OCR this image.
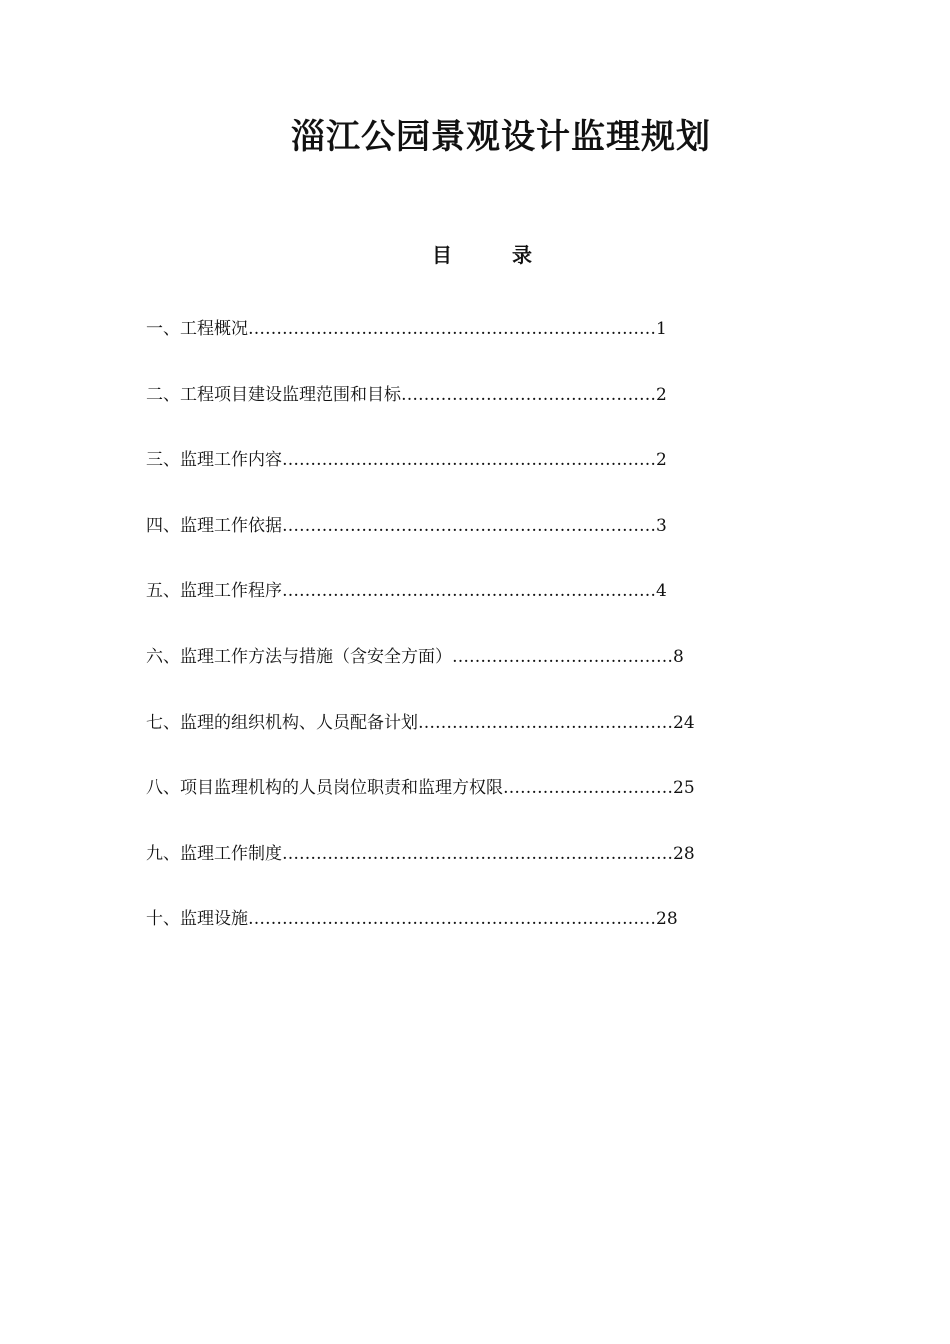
淄江公园景观设计监理规划
目	录
一、工程概况………………………………………………………………1
二、工程项目建设监理范围和目标………………………………………2
三、监理工作内容…………………………………………………………2
四、监理工作依据…………………………………………………………3
五、监理工作程序…………………………………………………………4
六、监理工作方法与措施（含安全方面）…………………………………8
七、监理的组织机构、人员配备计划………………………………………24
八、项目监理机构的人员岗位职责和监理方权限…………………………25
九、监理工作制度……………………………………………………………28
十、监理设施………………………………………………………………28
